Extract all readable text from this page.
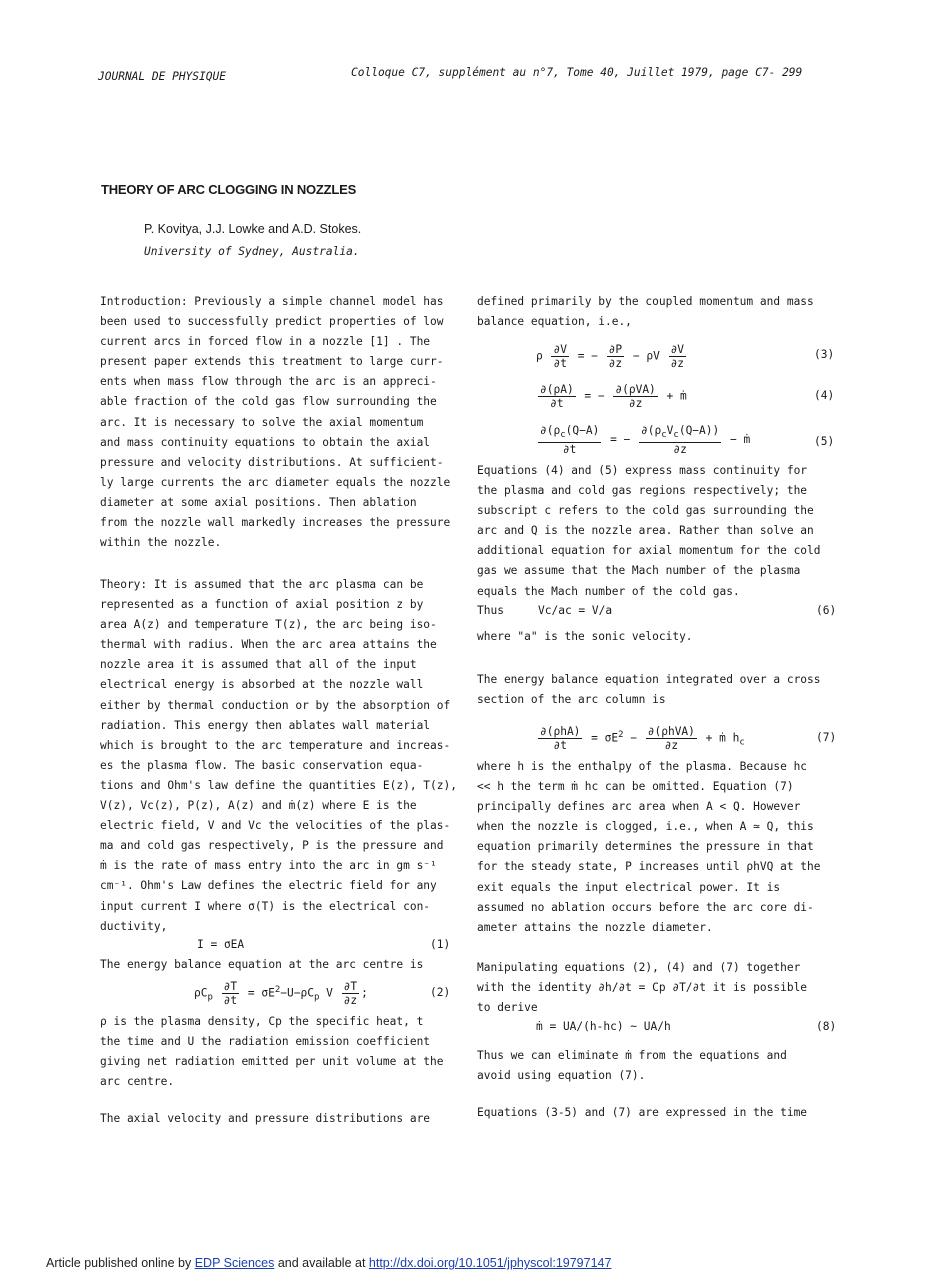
JOURNAL DE PHYSIQUE	Colloque C7, supplément au n°7, Tome 40, Juillet 1979, page C7- 299
THEORY OF ARC CLOGGING IN NOZZLES
P. Kovitya, J.J. Lowke and A.D. Stokes.
University of Sydney, Australia.
Introduction: Previously a simple channel model has
been used to successfully predict properties of low
current arcs in forced flow in a nozzle [1] . The
present paper extends this treatment to large curr-
ents when mass flow through the arc is an appreci-
able fraction of the cold gas flow surrounding the
arc. It is necessary to solve the axial momentum
and mass continuity equations to obtain the axial
pressure and velocity distributions. At sufficient-
ly large currents the arc diameter equals the nozzle
diameter at some axial positions. Then ablation
from the nozzle wall markedly increases the pressure
within the nozzle.
Theory: It is assumed that the arc plasma can be
represented as a function of axial position z by
area A(z) and temperature T(z), the arc being iso-
thermal with radius. When the arc area attains the
nozzle area it is assumed that all of the input
electrical energy is absorbed at the nozzle wall
either by thermal conduction or by the absorption of
radiation. This energy then ablates wall material
which is brought to the arc temperature and increas-
es the plasma flow. The basic conservation equa-
tions and Ohm's law define the quantities E(z), T(z),
V(z), Vc(z), P(z), A(z) and ṁ(z) where E is the
electric field, V and Vc the velocities of the plas-
ma and cold gas respectively, P is the pressure and
ṁ is the rate of mass entry into the arc in gm s⁻¹
cm⁻¹. Ohm's Law defines the electric field for any
input current I where σ(T) is the electrical con-
ductivity,
I = σEA	(1)
The energy balance equation at the arc centre is
$\rho C_p \frac{\partial T}{\partial t} = \sigma E^2-U-\rho C_p$ V $\frac{\partial T}{\partial z}$ ;	(2)
ρ is the plasma density, Cp the specific heat, t
the time and U the radiation emission coefficient
giving net radiation emitted per unit volume at the
arc centre.
The axial velocity and pressure distributions are
defined primarily by the coupled momentum and mass
balance equation, i.e.,
ρ $\frac{\partial V}{\partial t}$ = − $\frac{\partial P}{\partial z} - \rho V \frac{\partial V}{\partial z}$	(3)
$\frac{\partial(\rho A)}{\partial t}$ = − $\frac{\text{∂(ρVA)}}{\partial z}$ + ṁ	(4)
$\frac{\partial(\rho_c(Q-A)}{\partial t}$ = − $\frac{\partial(\rho_cV_c(Q-A))}{\partial z}$ − ṁ	(5)
Equations (4) and (5) express mass continuity for
the plasma and cold gas regions respectively; the
subscript c refers to the cold gas surrounding the
arc and Q is the nozzle area. Rather than solve an
additional equation for axial momentum for the cold
gas we assume that the Mach number of the plasma
equals the Mach number of the cold gas.
Thus	Vc/ac = V/a	(6)
where "a" is the sonic velocity.
The energy balance equation integrated over a cross
section of the arc column is
$\frac{\text{∂(ρhA)}}{\partial t} = \sigma E^2 - \frac{\text{∂(ρhVA)}}{\partial z}$ + ṁ $h_c$	(7)
where h is the enthalpy of the plasma. Because hc
<< h the term ṁ hc can be omitted. Equation (7)
principally defines arc area when A < Q. However
when the nozzle is clogged, i.e., when A ≃ Q, this
equation primarily determines the pressure in that
for the steady state, P increases until ρhVQ at the
exit equals the input electrical power. It is
assumed no ablation occurs before the arc core di-
ameter attains the nozzle diameter.
Manipulating equations (2), (4) and (7) together
with the identity ∂h/∂t = Cp ∂T/∂t it is possible
to derive
ṁ = UA/(h-hc) ~ UA/h	(8)
Thus we can eliminate ṁ from the equations and
avoid using equation (7).
Equations (3-5) and (7) are expressed in the time
Article published online by EDP Sciences and available at http://dx.doi.org/10.1051/jphyscol:19797147
